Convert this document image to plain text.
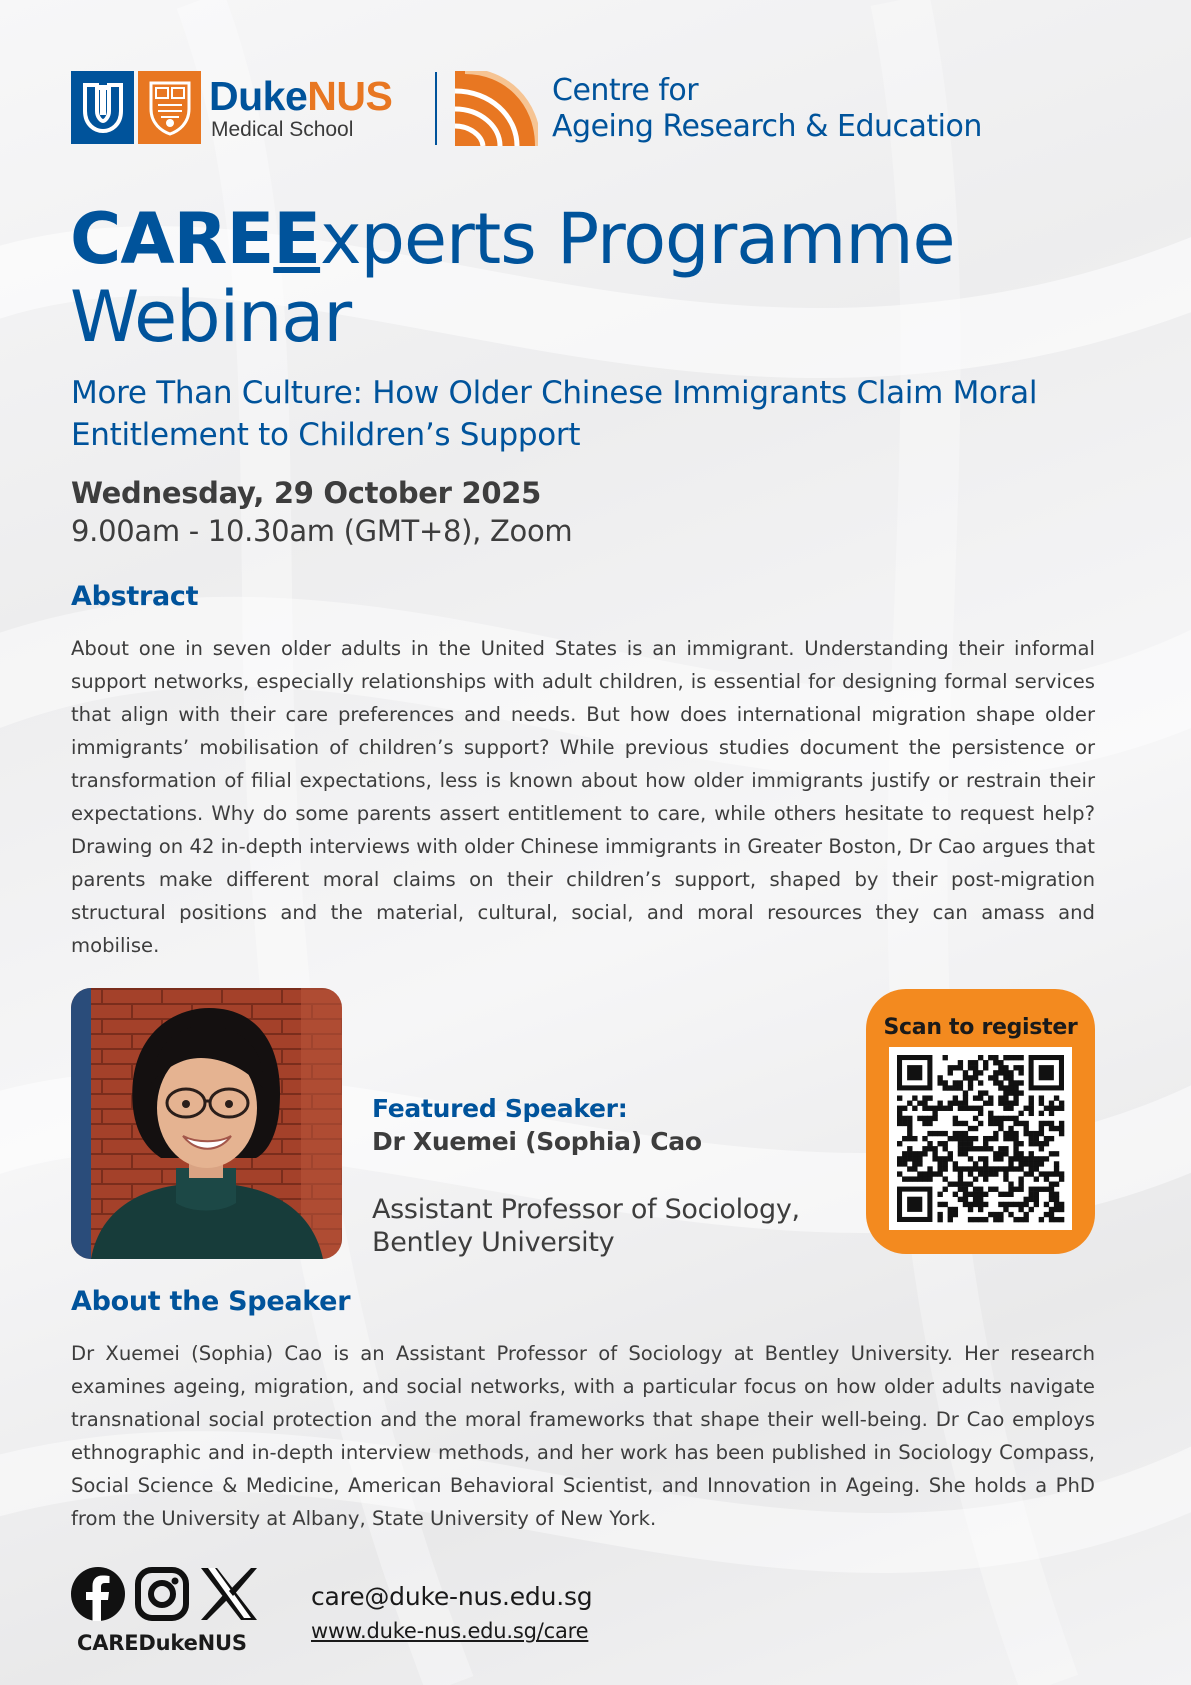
DukeNUS
Medical School
Centre for
Ageing Research & Education
CAREExperts Programme
Webinar
More Than Culture: How Older Chinese Immigrants Claim Moral Entitlement to Children’s Support

Wednesday, 29 October 2025

9.00am - 10.30am (GMT+8), Zoom

Abstract

About one in seven older adults in the United States is an immigrant. Understanding their informal support networks, especially relationships with adult children, is essential for designing formal services that align with their care preferences and needs. But how does international migration shape older immigrants’ mobilisation of children’s support? While previous studies document the persistence or transformation of filial expectations, less is known about how older immigrants justify or restrain their expectations. Why do some parents assert entitlement to care, while others hesitate to request help? Drawing on 42 in-depth interviews with older Chinese immigrants in Greater Boston, Dr Cao argues that parents make different moral claims on their children’s support, shaped by their post-migration structural positions and the material, cultural, social, and moral resources they can amass and mobilise.

Featured Speaker:

Dr Xuemei (Sophia) Cao

Assistant Professor of Sociology,
Bentley University

Scan to register

About the Speaker

Dr Xuemei (Sophia) Cao is an Assistant Professor of Sociology at Bentley University. Her research examines ageing, migration, and social networks, with a particular focus on how older adults navigate transnational social protection and the moral frameworks that shape their well-being. Dr Cao employs ethnographic and in-depth interview methods, and her work has been published in Sociology Compass, Social Science & Medicine, American Behavioral Scientist, and Innovation in Ageing. She holds a PhD from the University at Albany, State University of New York.

CAREDukeNUS

care@duke-nus.edu.sg

www.duke-nus.edu.sg/care
